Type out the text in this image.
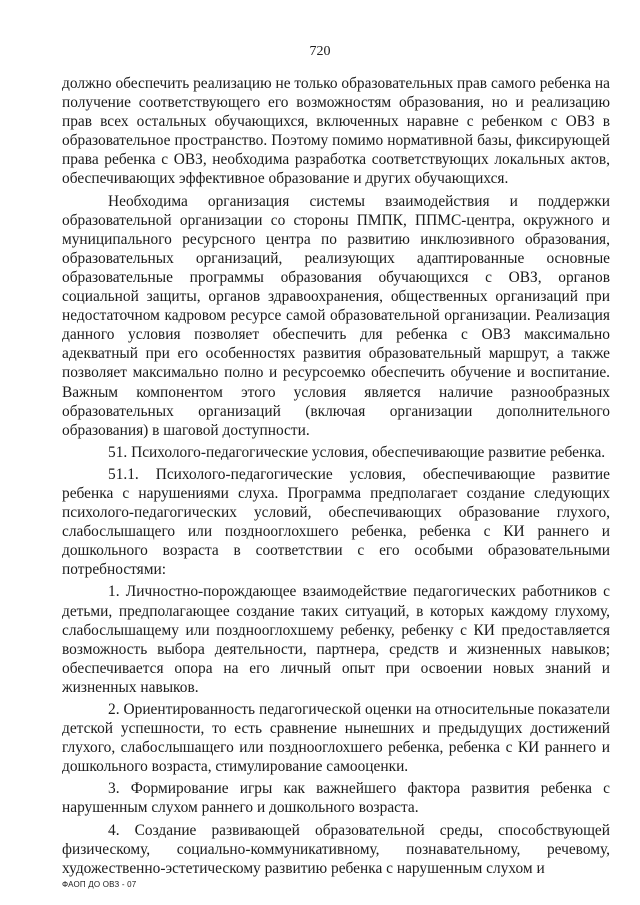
720

должно обеспечить реализацию не только образовательных прав самого ребенка на получение соответствующего его возможностям образования, но и реализацию прав всех остальных обучающихся, включенных наравне с ребенком с ОВЗ в образовательное пространство. Поэтому помимо нормативной базы, фиксирующей права ребенка с ОВЗ, необходима разработка соответствующих локальных актов, обеспечивающих эффективное образование и других обучающихся.

Необходима организация системы взаимодействия и поддержки образовательной организации со стороны ПМПК, ППМС-центра, окружного и муниципального ресурсного центра по развитию инклюзивного образования, образовательных организаций, реализующих адаптированные основные образовательные программы образования обучающихся с ОВЗ, органов социальной защиты, органов здравоохранения, общественных организаций при недостаточном кадровом ресурсе самой образовательной организации. Реализация данного условия позволяет обеспечить для ребенка с ОВЗ максимально адекватный при его особенностях развития образовательный маршрут, а также позволяет максимально полно и ресурсоемко обеспечить обучение и воспитание. Важным компонентом этого условия является наличие разнообразных образовательных организаций (включая организации дополнительного образования) в шаговой доступности.

51. Психолого-педагогические условия, обеспечивающие развитие ребенка.

51.1. Психолого-педагогические условия, обеспечивающие развитие ребенка с нарушениями слуха. Программа предполагает создание следующих психолого-педагогических условий, обеспечивающих образование глухого, слабослышащего или позднооглохшего ребенка, ребенка с КИ раннего и дошкольного возраста в соответствии с его особыми образовательными потребностями:

1. Личностно-порождающее взаимодействие педагогических работников с детьми, предполагающее создание таких ситуаций, в которых каждому глухому, слабослышащему или позднооглохшему ребенку, ребенку с КИ предоставляется возможность выбора деятельности, партнера, средств и жизненных навыков; обеспечивается опора на его личный опыт при освоении новых знаний и жизненных навыков.

2. Ориентированность педагогической оценки на относительные показатели детской успешности, то есть сравнение нынешних и предыдущих достижений глухого, слабослышащего или позднооглохшего ребенка, ребенка с КИ раннего и дошкольного возраста, стимулирование самооценки.

3. Формирование игры как важнейшего фактора развития ребенка с нарушенным слухом раннего и дошкольного возраста.

4. Создание развивающей образовательной среды, способствующей физическому, социально-коммуникативному, познавательному, речевому, художественно-эстетическому развитию ребенка с нарушенным слухом и

ФАОП ДО ОВЗ - 07
